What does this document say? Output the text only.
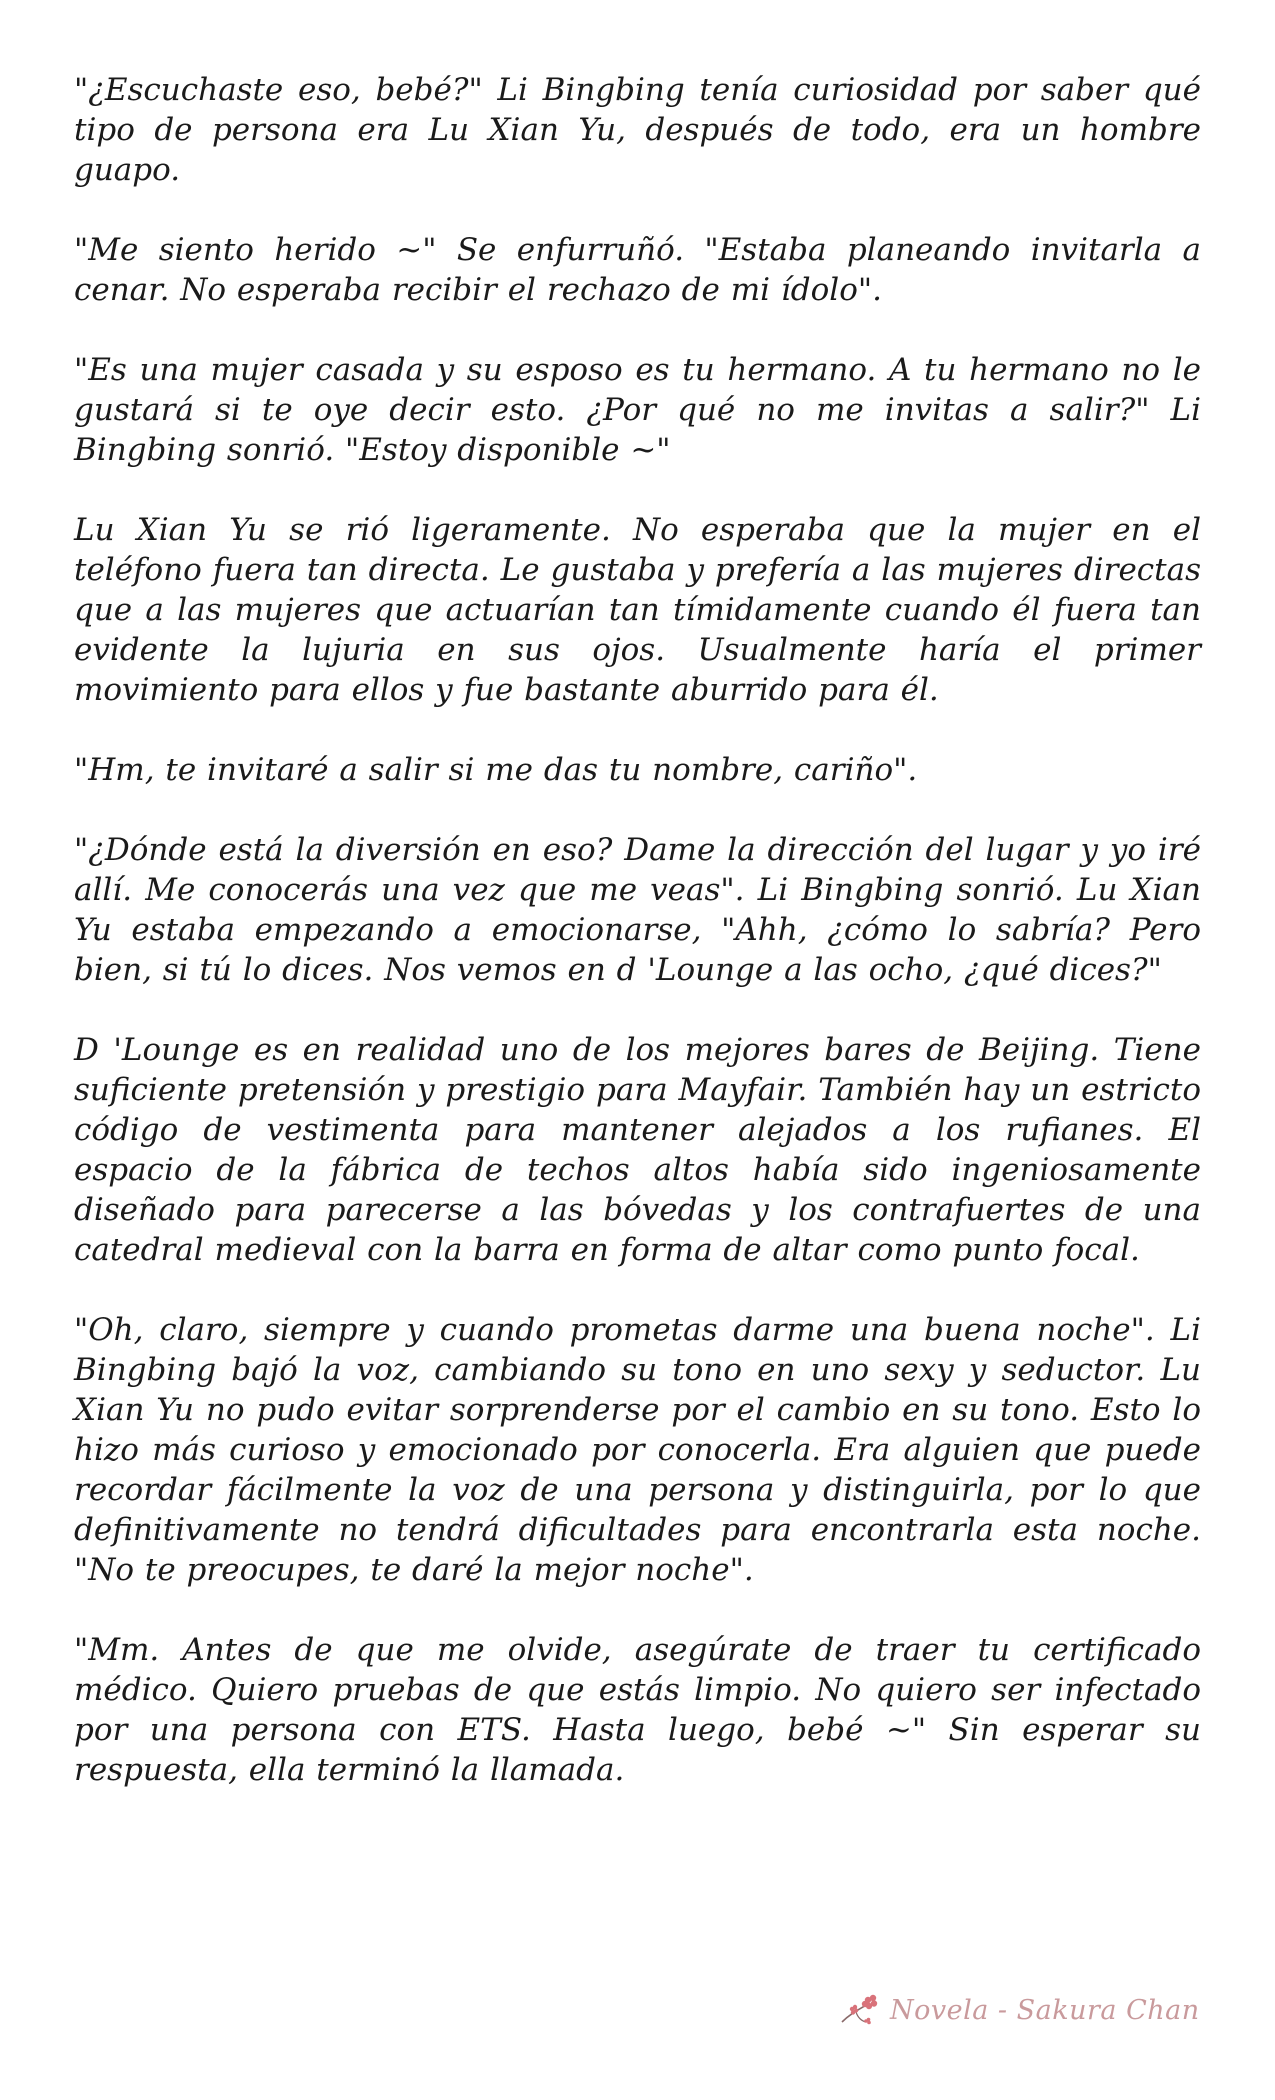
"¿Escuchaste eso, bebé?" Li Bingbing tenía curiosidad por saber qué tipo de persona era Lu Xian Yu, después de todo, era un hombre guapo.

"Me siento herido ~" Se enfurruñó. "Estaba planeando invitarla a cenar. No esperaba recibir el rechazo de mi ídolo".

"Es una mujer casada y su esposo es tu hermano. A tu hermano no le gustará si te oye decir esto. ¿Por qué no me invitas a salir?" Li Bingbing sonrió. "Estoy disponible ~"

Lu Xian Yu se rió ligeramente. No esperaba que la mujer en el teléfono fuera tan directa. Le gustaba y prefería a las mujeres directas que a las mujeres que actuarían tan tímidamente cuando él fuera tan evidente la lujuria en sus ojos. Usualmente haría el primer movimiento para ellos y fue bastante aburrido para él.

"Hm, te invitaré a salir si me das tu nombre, cariño".

"¿Dónde está la diversión en eso? Dame la dirección del lugar y yo iré allí. Me conocerás una vez que me veas". Li Bingbing sonrió. Lu Xian Yu estaba empezando a emocionarse, "Ahh, ¿cómo lo sabría? Pero bien, si tú lo dices. Nos vemos en d 'Lounge a las ocho, ¿qué dices?"

D 'Lounge es en realidad uno de los mejores bares de Beijing. Tiene suficiente pretensión y prestigio para Mayfair. También hay un estricto código de vestimenta para mantener alejados a los rufianes. El espacio de la fábrica de techos altos había sido ingeniosamente diseñado para parecerse a las bóvedas y los contrafuertes de una catedral medieval con la barra en forma de altar como punto focal.

"Oh, claro, siempre y cuando prometas darme una buena noche". Li Bingbing bajó la voz, cambiando su tono en uno sexy y seductor. Lu Xian Yu no pudo evitar sorprenderse por el cambio en su tono. Esto lo hizo más curioso y emocionado por conocerla. Era alguien que puede recordar fácilmente la voz de una persona y distinguirla, por lo que definitivamente no tendrá dificultades para encontrarla esta noche. "No te preocupes, te daré la mejor noche".

"Mm. Antes de que me olvide, asegúrate de traer tu certificado médico. Quiero pruebas de que estás limpio. No quiero ser infectado por una persona con ETS. Hasta luego, bebé ~" Sin esperar su respuesta, ella terminó la llamada.

Novela - Sakura Chan
